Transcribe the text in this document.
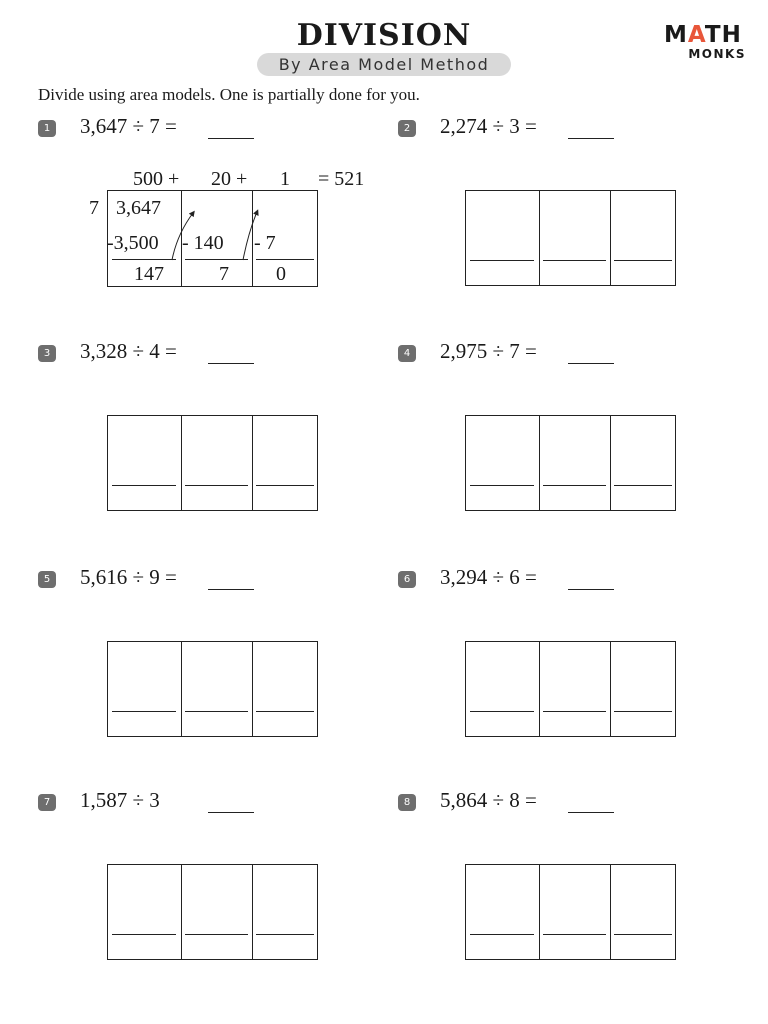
DIVISION
By Area Model Method
MATH
MONKS
Divide using area models. One is partially done for you.
1 3,647 ÷ 7 =	2 2,274 ÷ 3 =
3 3,328 ÷ 4 =	4 2,975 ÷ 7 =
5 5,616 ÷ 9 =	6 3,294 ÷ 6 =
7 1,587 ÷ 3	8 5,864 ÷ 8 =
500 + 20 + 1 = 521
7 3,647
-3,500 - 140 - 7
147	7 0
